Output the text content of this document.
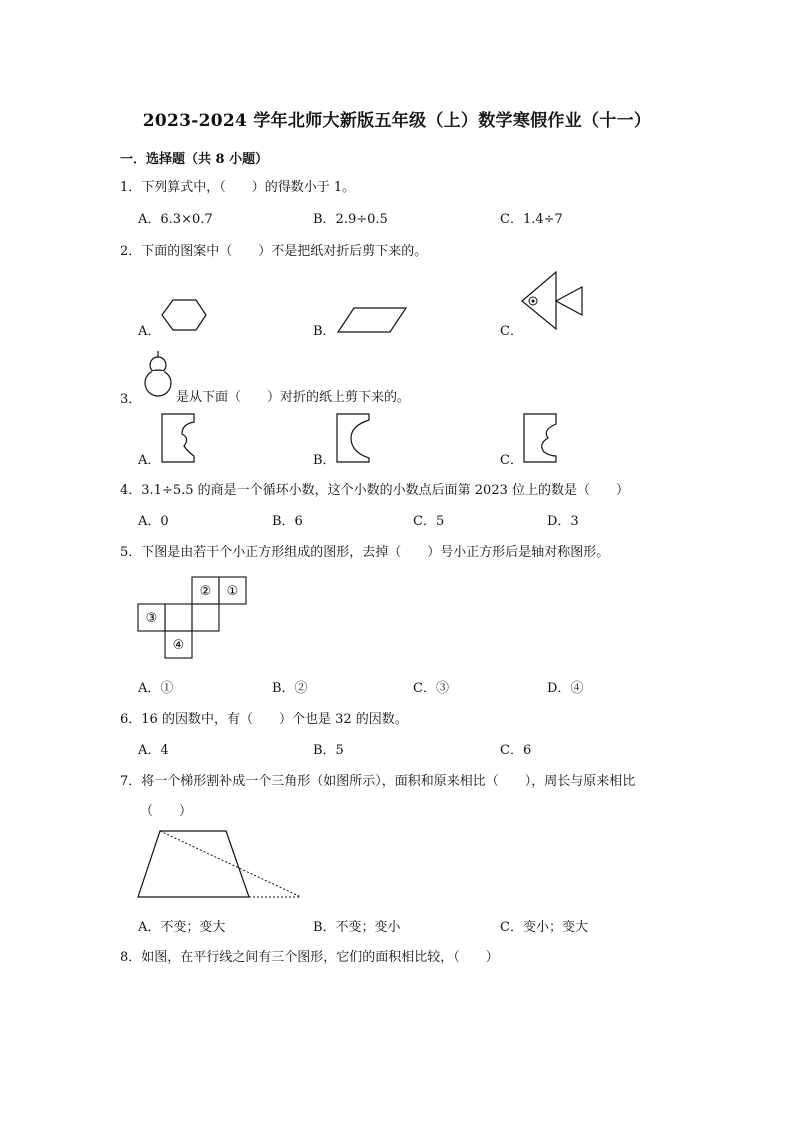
2023-2024 学年北师大新版五年级（上）数学寒假作业（十一）
一．选择题（共 8 小题）
1．下列算式中，（　　）的得数小于 1。
A．6.3×0.7	B．2.9÷0.5	C．1.4÷7
2．下面的图案中（　　）不是把纸对折后剪下来的。
A．	B．	C．
3．	是从下面（　　）对折的纸上剪下来的。
A．	B．	C．
4．3.1÷5.5 的商是一个循环小数，这个小数的小数点后面第 2023 位上的数是（　　）
A．0	B．6	C．5	D．3
5．下图是由若干个小正方形组成的图形，去掉（　　）号小正方形后是轴对称图形。
② ①
③
④
A．①	B．②	C．③	D．④
6．16 的因数中，有（　　）个也是 32 的因数。
A．4	B．5	C．6
7．将一个梯形割补成一个三角形（如图所示），面积和原来相比（　　），周长与原来相比
（　　）
A．不变；变大	B．不变；变小	C．变小；变大
8．如图，在平行线之间有三个图形，它们的面积相比较，（　　）
